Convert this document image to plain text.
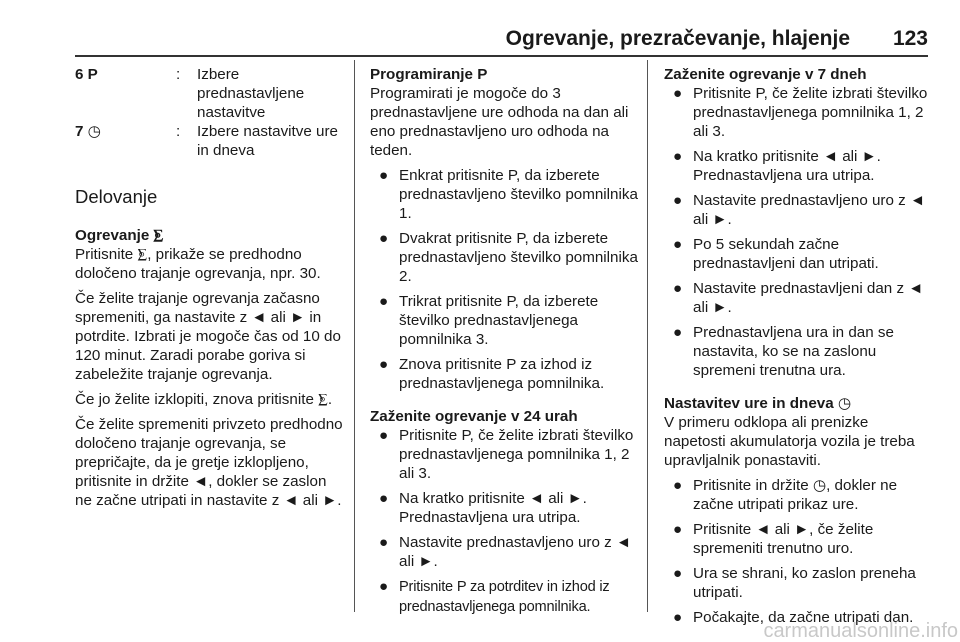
Ogrevanje, prezračevanje, hlajenje	123
6 P	:	Izbere prednastavljene nastavitve
7 ◷	:	Izbere nastavitve ure in dneva
Delovanje

Ogrevanje ⨊

Pritisnite ⨊, prikaže se predhodno določeno trajanje ogrevanja, npr. 30.

Če želite trajanje ogrevanja začasno spremeniti, ga nastavite z ◄ ali ► in potrdite. Izbrati je mogoče čas od 10 do 120 minut. Zaradi porabe goriva si zabeležite trajanje ogrevanja.

Če jo želite izklopiti, znova pritisnite ⨊.

Če želite spremeniti privzeto predhodno določeno trajanje ogrevanja, se prepričajte, da je gretje izklopljeno, pritisnite in držite ◄, dokler se zaslon ne začne utripati in nastavite z ◄ ali ►.

Programiranje P

Programirati je mogoče do 3 prednastavljene ure odhoda na dan ali eno prednastavljeno uro odhoda na teden.

● Enkrat pritisnite P, da izberete prednastavljeno številko pomnilnika 1.
● Dvakrat pritisnite P, da izberete prednastavljeno številko pomnilnika 2.
● Trikrat pritisnite P, da izberete številko prednastavljenega pomnilnika 3.
● Znova pritisnite P za izhod iz prednastavljenega pomnilnika.

Zaženite ogrevanje v 24 urah

● Pritisnite P, če želite izbrati številko prednastavljenega pomnilnika 1, 2 ali 3.
● Na kratko pritisnite ◄ ali ►. Prednastavljena ura utripa.
● Nastavite prednastavljeno uro z ◄ ali ►.
● Pritisnite P za potrditev in izhod iz prednastavljenega pomnilnika.

Zaženite ogrevanje v 7 dneh

● Pritisnite P, če želite izbrati številko prednastavljenega pomnilnika 1, 2 ali 3.
● Na kratko pritisnite ◄ ali ►. Prednastavljena ura utripa.
● Nastavite prednastavljeno uro z ◄ ali ►.
● Po 5 sekundah začne prednastavljeni dan utripati.
● Nastavite prednastavljeni dan z ◄ ali ►.
● Prednastavljena ura in dan se nastavita, ko se na zaslonu spremeni trenutna ura.

Nastavitev ure in dneva ◷

V primeru odklopa ali prenizke napetosti akumulatorja vozila je treba upravljalnik ponastaviti.

● Pritisnite in držite ◷, dokler ne začne utripati prikaz ure.
● Pritisnite ◄ ali ►, če želite spremeniti trenutno uro.
● Ura se shrani, ko zaslon preneha utripati.
● Počakajte, da začne utripati dan.
carmanualsonline.info
